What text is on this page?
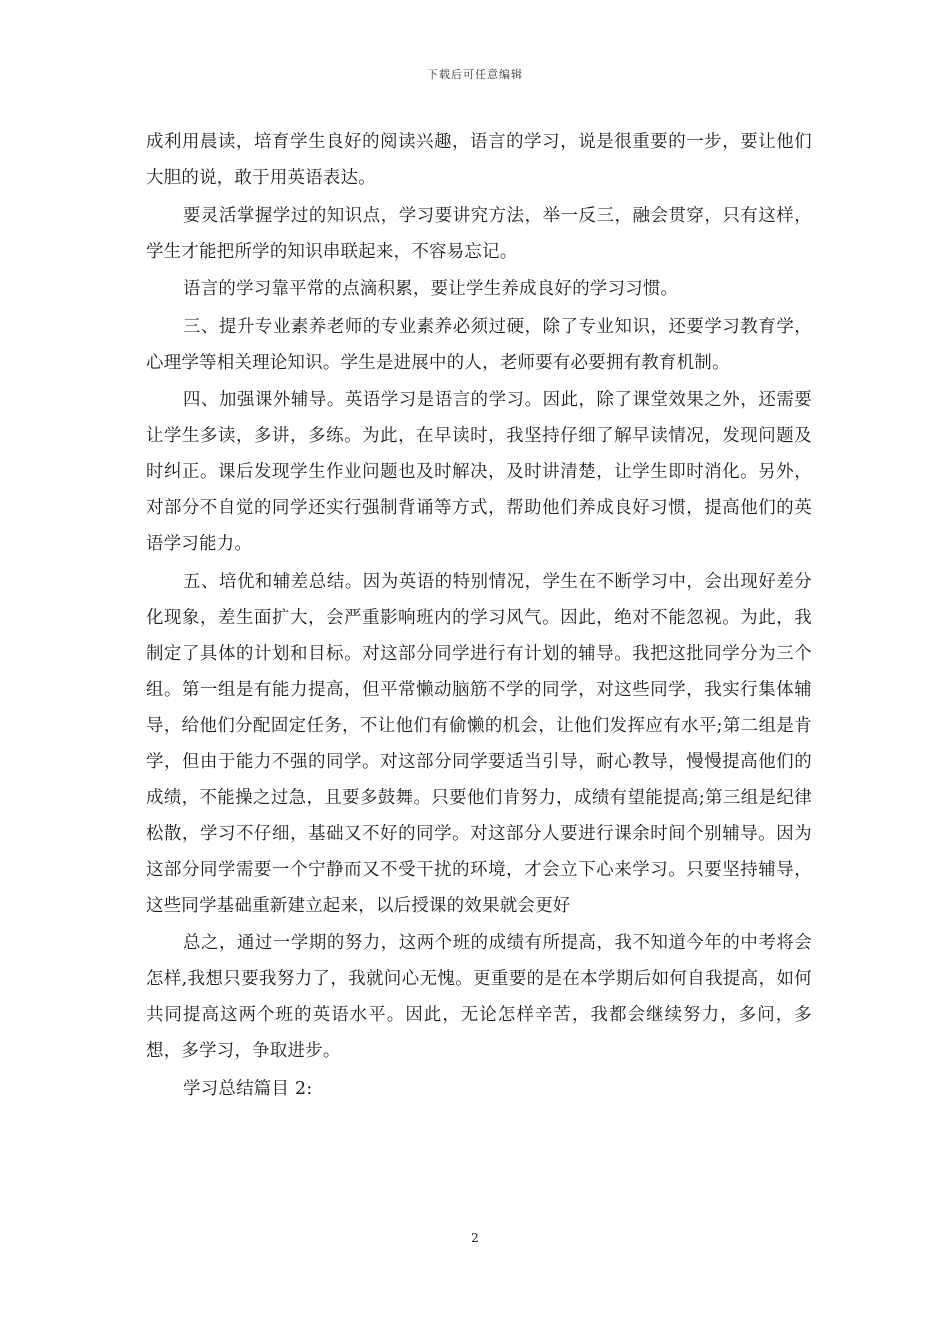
下载后可任意编辑

成利用晨读，培育学生良好的阅读兴趣，语言的学习，说是很重要的一步，要让他们大胆的说，敢于用英语表达。

要灵活掌握学过的知识点，学习要讲究方法，举一反三，融会贯穿，只有这样，学生才能把所学的知识串联起来，不容易忘记。

语言的学习靠平常的点滴积累，要让学生养成良好的学习习惯。

三、提升专业素养老师的专业素养必须过硬，除了专业知识，还要学习教育学，心理学等相关理论知识。学生是进展中的人，老师要有必要拥有教育机制。

四、加强课外辅导。英语学习是语言的学习。因此，除了课堂效果之外，还需要让学生多读，多讲，多练。为此，在早读时，我坚持仔细了解早读情况，发现问题及时纠正。课后发现学生作业问题也及时解决，及时讲清楚，让学生即时消化。另外，对部分不自觉的同学还实行强制背诵等方式，帮助他们养成良好习惯，提高他们的英语学习能力。

五、培优和辅差总结。因为英语的特别情况，学生在不断学习中，会出现好差分化现象，差生面扩大，会严重影响班内的学习风气。因此，绝对不能忽视。为此，我制定了具体的计划和目标。对这部分同学进行有计划的辅导。我把这批同学分为三个组。第一组是有能力提高，但平常懒动脑筋不学的同学，对这些同学，我实行集体辅导，给他们分配固定任务，不让他们有偷懒的机会，让他们发挥应有水平;第二组是肯学，但由于能力不强的同学。对这部分同学要适当引导，耐心教导，慢慢提高他们的成绩，不能操之过急，且要多鼓舞。只要他们肯努力，成绩有望能提高;第三组是纪律松散，学习不仔细，基础又不好的同学。对这部分人要进行课余时间个别辅导。因为这部分同学需要一个宁静而又不受干扰的环境，才会立下心来学习。只要坚持辅导，这些同学基础重新建立起来，以后授课的效果就会更好

总之，通过一学期的努力，这两个班的成绩有所提高，我不知道今年的中考将会怎样,我想只要我努力了，我就问心无愧。更重要的是在本学期后如何自我提高，如何共同提高这两个班的英语水平。因此，无论怎样辛苦，我都会继续努力，多问，多想，多学习，争取进步。

学习总结篇目 2:

2
